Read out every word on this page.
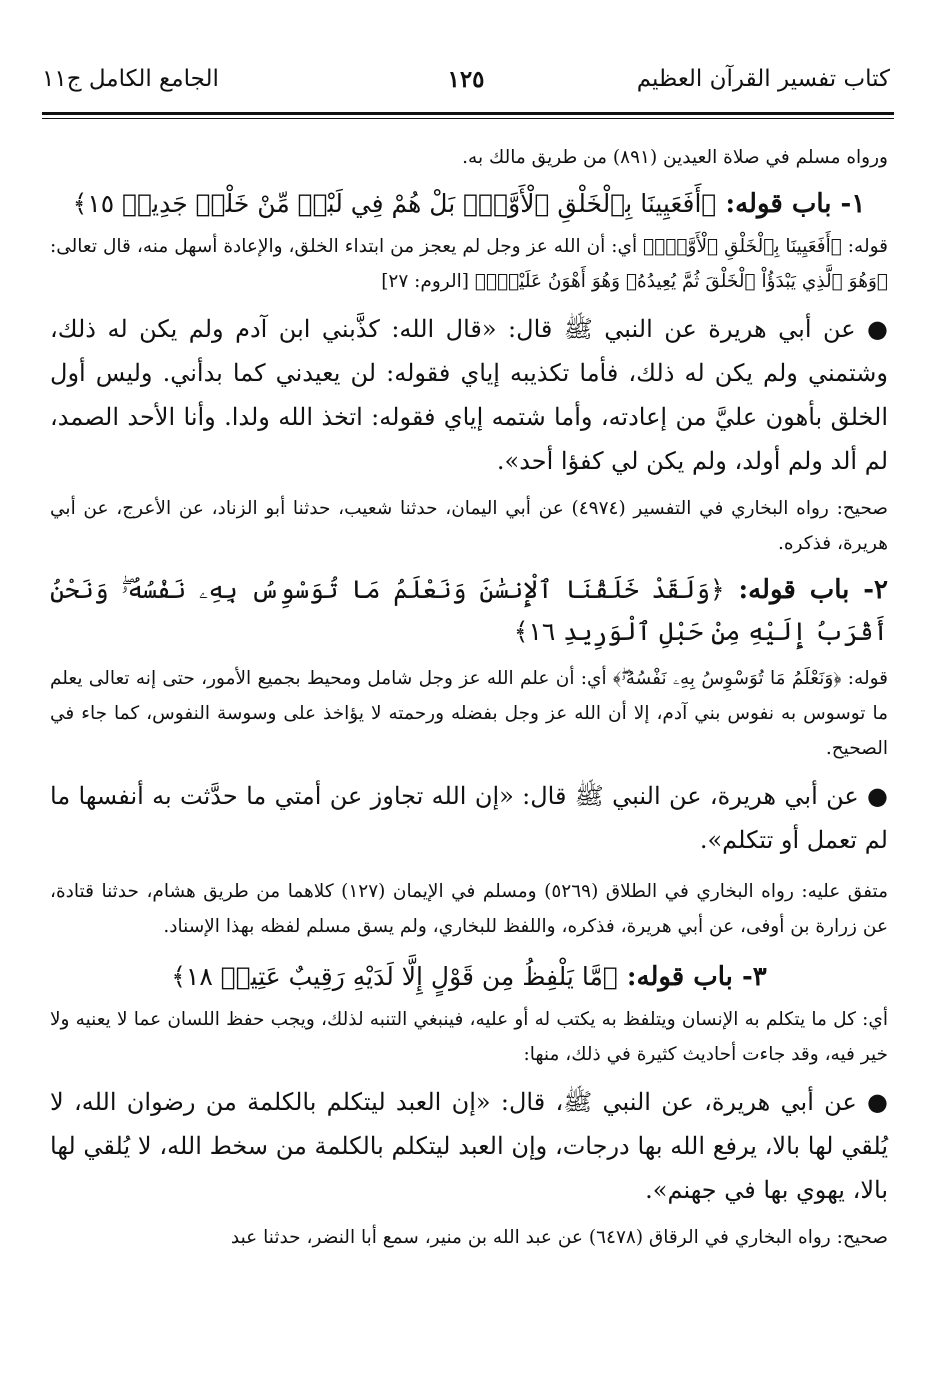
كتاب تفسير القرآن العظيم
١٢٥
الجامع الكامل ج١١

ورواه مسلم في صلاة العيدين (٨٩١) من طريق مالك به.

١- باب قوله: ﴿أَفَعَيِينَا بِٱلْخَلْقِ ٱلْأَوَّلِۚ بَلْ هُمْ فِي لَبْسٖ مِّنْ خَلْقٖ جَدِيدٖ ١٥﴾

قوله: ﴿أَفَعَيِينَا بِٱلْخَلْقِ ٱلْأَوَّلِۚ﴾ أي: أن الله عز وجل لم يعجز من ابتداء الخلق، والإعادة أسهل منه، قال تعالى: ﴿وَهُوَ ٱلَّذِي يَبْدَؤُاْ ٱلْخَلْقَ ثُمَّ يُعِيدُهُۥ وَهُوَ أَهْوَنُ عَلَيْهِۚ﴾ [الروم: ٢٧]

● عن أبي هريرة عن النبي ﷺ قال: «قال الله: كذَّبني ابن آدم ولم يكن له ذلك، وشتمني ولم يكن له ذلك، فأما تكذيبه إياي فقوله: لن يعيدني كما بدأني. وليس أول الخلق بأهون عليَّ من إعادته، وأما شتمه إياي فقوله: اتخذ الله ولدا. وأنا الأحد الصمد، لم ألد ولم أولد، ولم يكن لي كفؤا أحد».

صحيح: رواه البخاري في التفسير (٤٩٧٤) عن أبي اليمان، حدثنا شعيب، حدثنا أبو الزناد، عن الأعرج، عن أبي هريرة، فذكره.

٢- باب قوله: ﴿وَلَقَدْ خَلَقْنَا ٱلْإِنسَٰنَ وَنَعْلَمُ مَا تُوَسْوِسُ بِهِۦ نَفْسُهُۥۖ وَنَحْنُ أَقْرَبُ إِلَيْهِ مِنْ حَبْلِ ٱلْوَرِيدِ ١٦﴾

قوله: ﴿وَنَعْلَمُ مَا تُوَسْوِسُ بِهِۦ نَفْسُهُۥۖ﴾ أي: أن علم الله عز وجل شامل ومحيط بجميع الأمور، حتى إنه تعالى يعلم ما توسوس به نفوس بني آدم، إلا أن الله عز وجل بفضله ورحمته لا يؤاخذ على وسوسة النفوس، كما جاء في الصحيح.

● عن أبي هريرة، عن النبي ﷺ قال: «إن الله تجاوز عن أمتي ما حدَّثت به أنفسها ما لم تعمل أو تتكلم».

متفق عليه: رواه البخاري في الطلاق (٥٢٦٩) ومسلم في الإيمان (١٢٧) كلاهما من طريق هشام، حدثنا قتادة، عن زرارة بن أوفى، عن أبي هريرة، فذكره، واللفظ للبخاري، ولم يسق مسلم لفظه بهذا الإسناد.

٣- باب قوله: ﴿مَّا يَلْفِظُ مِن قَوْلٍ إِلَّا لَدَيْهِ رَقِيبٌ عَتِيدٞ ١٨﴾

أي: كل ما يتكلم به الإنسان ويتلفظ به يكتب له أو عليه، فينبغي التنبه لذلك، ويجب حفظ اللسان عما لا يعنيه ولا خير فيه، وقد جاءت أحاديث كثيرة في ذلك، منها:

● عن أبي هريرة، عن النبي ﷺ، قال: «إن العبد ليتكلم بالكلمة من رضوان الله، لا يُلقي لها بالا، يرفع الله بها درجات، وإن العبد ليتكلم بالكلمة من سخط الله، لا يُلقي لها بالا، يهوي بها في جهنم».

صحيح: رواه البخاري في الرقاق (٦٤٧٨) عن عبد الله بن منير، سمع أبا النضر، حدثنا عبد
